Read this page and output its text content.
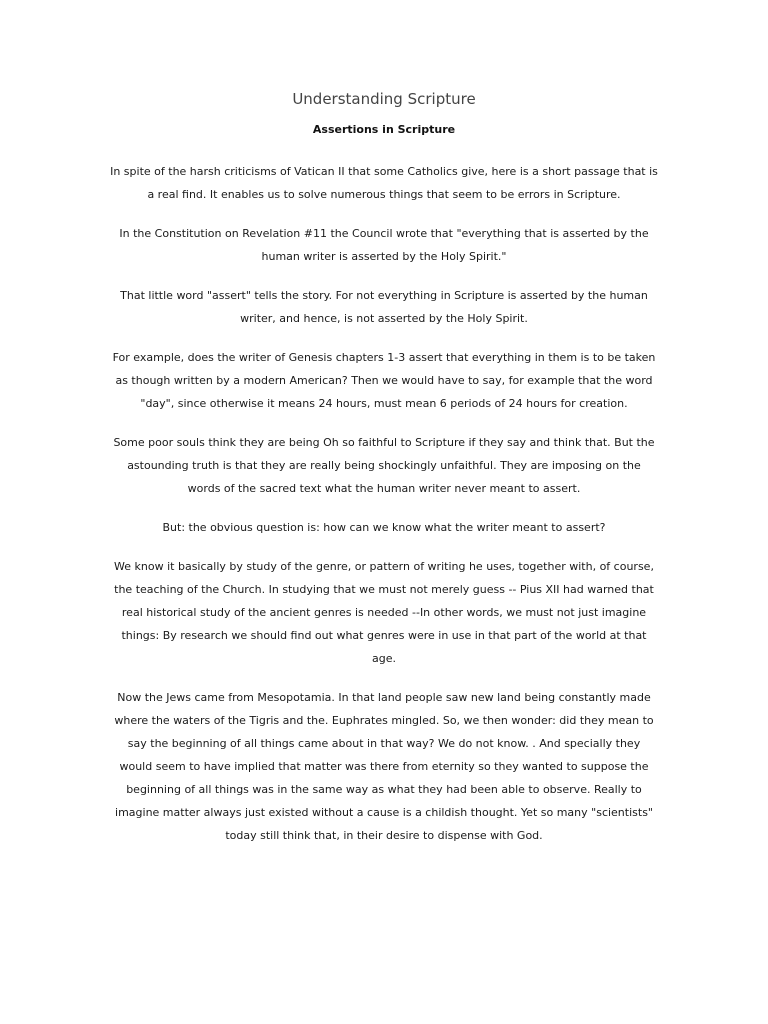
Understanding Scripture
Assertions in Scripture

In spite of the harsh criticisms of Vatican II that some Catholics give, here is a short passage that is a real find. It enables us to solve numerous things that seem to be errors in Scripture.

In the Constitution on Revelation #11 the Council wrote that "everything that is asserted by the human writer is asserted by the Holy Spirit."

That little word "assert" tells the story. For not everything in Scripture is asserted by the human writer, and hence, is not asserted by the Holy Spirit.

For example, does the writer of Genesis chapters 1-3 assert that everything in them is to be taken as though written by a modern American? Then we would have to say, for example that the word "day", since otherwise it means 24 hours, must mean 6 periods of 24 hours for creation.

Some poor souls think they are being Oh so faithful to Scripture if they say and think that. But the astounding truth is that they are really being shockingly unfaithful. They are imposing on the words of the sacred text what the human writer never meant to assert.

But: the obvious question is: how can we know what the writer meant to assert?

We know it basically by study of the genre, or pattern of writing he uses, together with, of course, the teaching of the Church. In studying that we must not merely guess -- Pius XII had warned that real historical study of the ancient genres is needed --In other words, we must not just imagine things: By research we should find out what genres were in use in that part of the world at that age.

Now the Jews came from Mesopotamia. In that land people saw new land being constantly made where the waters of the Tigris and the. Euphrates mingled. So, we then wonder: did they mean to say the beginning of all things came about in that way? We do not know. . And specially they would seem to have implied that matter was there from eternity so they wanted to suppose the beginning of all things was in the same way as what they had been able to observe. Really to imagine matter always just existed without a cause is a childish thought. Yet so many "scientists" today still think that, in their desire to dispense with God.
